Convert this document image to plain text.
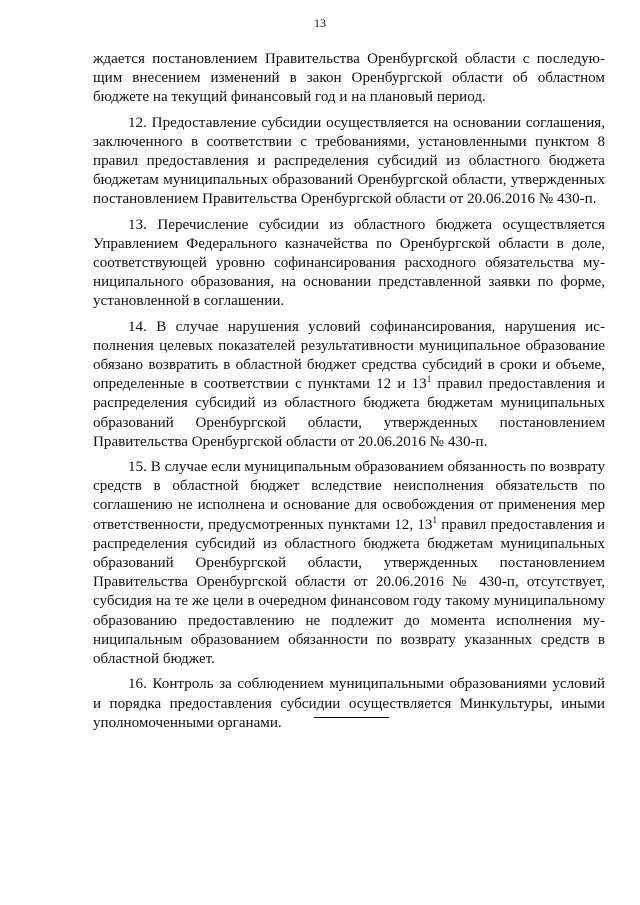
13

ждается постановлением Правительства Оренбургской области с последующим внесением изменений в закон Оренбургской области об областном бюджете на текущий финансовый год и на плановый период.

12. Предоставление субсидии осуществляется на основании соглашения, заключенного в соответствии с требованиями, установленными пунктом 8 правил предоставления и распределения субсидий из областного бюджета бюджетам муниципальных образований Оренбургской области, утвержденных постановлением Правительства Оренбургской области от 20.06.2016 № 430-п.

13. Перечисление субсидии из областного бюджета осуществляется Управлением Федерального казначейства по Оренбургской области в доле, соответствующей уровню софинансирования расходного обязательства муниципального образования, на основании представленной заявки по форме, установленной в соглашении.

14. В случае нарушения условий софинансирования, нарушения исполнения целевых показателей результативности муниципальное образование обязано возвратить в областной бюджет средства субсидий в сроки и объеме, определенные в соответствии с пунктами 12 и $13^1$ правил предоставления и распределения субсидий из областного бюджета бюджетам муниципальных образований Оренбургской области, утвержденных постановлением Правительства Оренбургской области от 20.06.2016 № 430-п.

15. В случае если муниципальным образованием обязанность по возврату средств в областной бюджет вследствие неисполнения обязательств по соглашению не исполнена и основание для освобождения от применения мер ответственности, предусмотренных пунктами 12, $13^1$ правил предоставления и распределения субсидий из областного бюджета бюджетам муниципальных образований Оренбургской области, утвержденных постановлением Правительства Оренбургской области от 20.06.2016 № 430-п, отсутствует, субсидия на те же цели в очередном финансовом году такому муниципальному образованию предоставлению не подлежит до момента исполнения муниципальным образованием обязанности по возврату указанных средств в областной бюджет.

16. Контроль за соблюдением муниципальными образованиями условий и порядка предоставления субсидии осуществляется Минкультуры, иными уполномоченными органами.
